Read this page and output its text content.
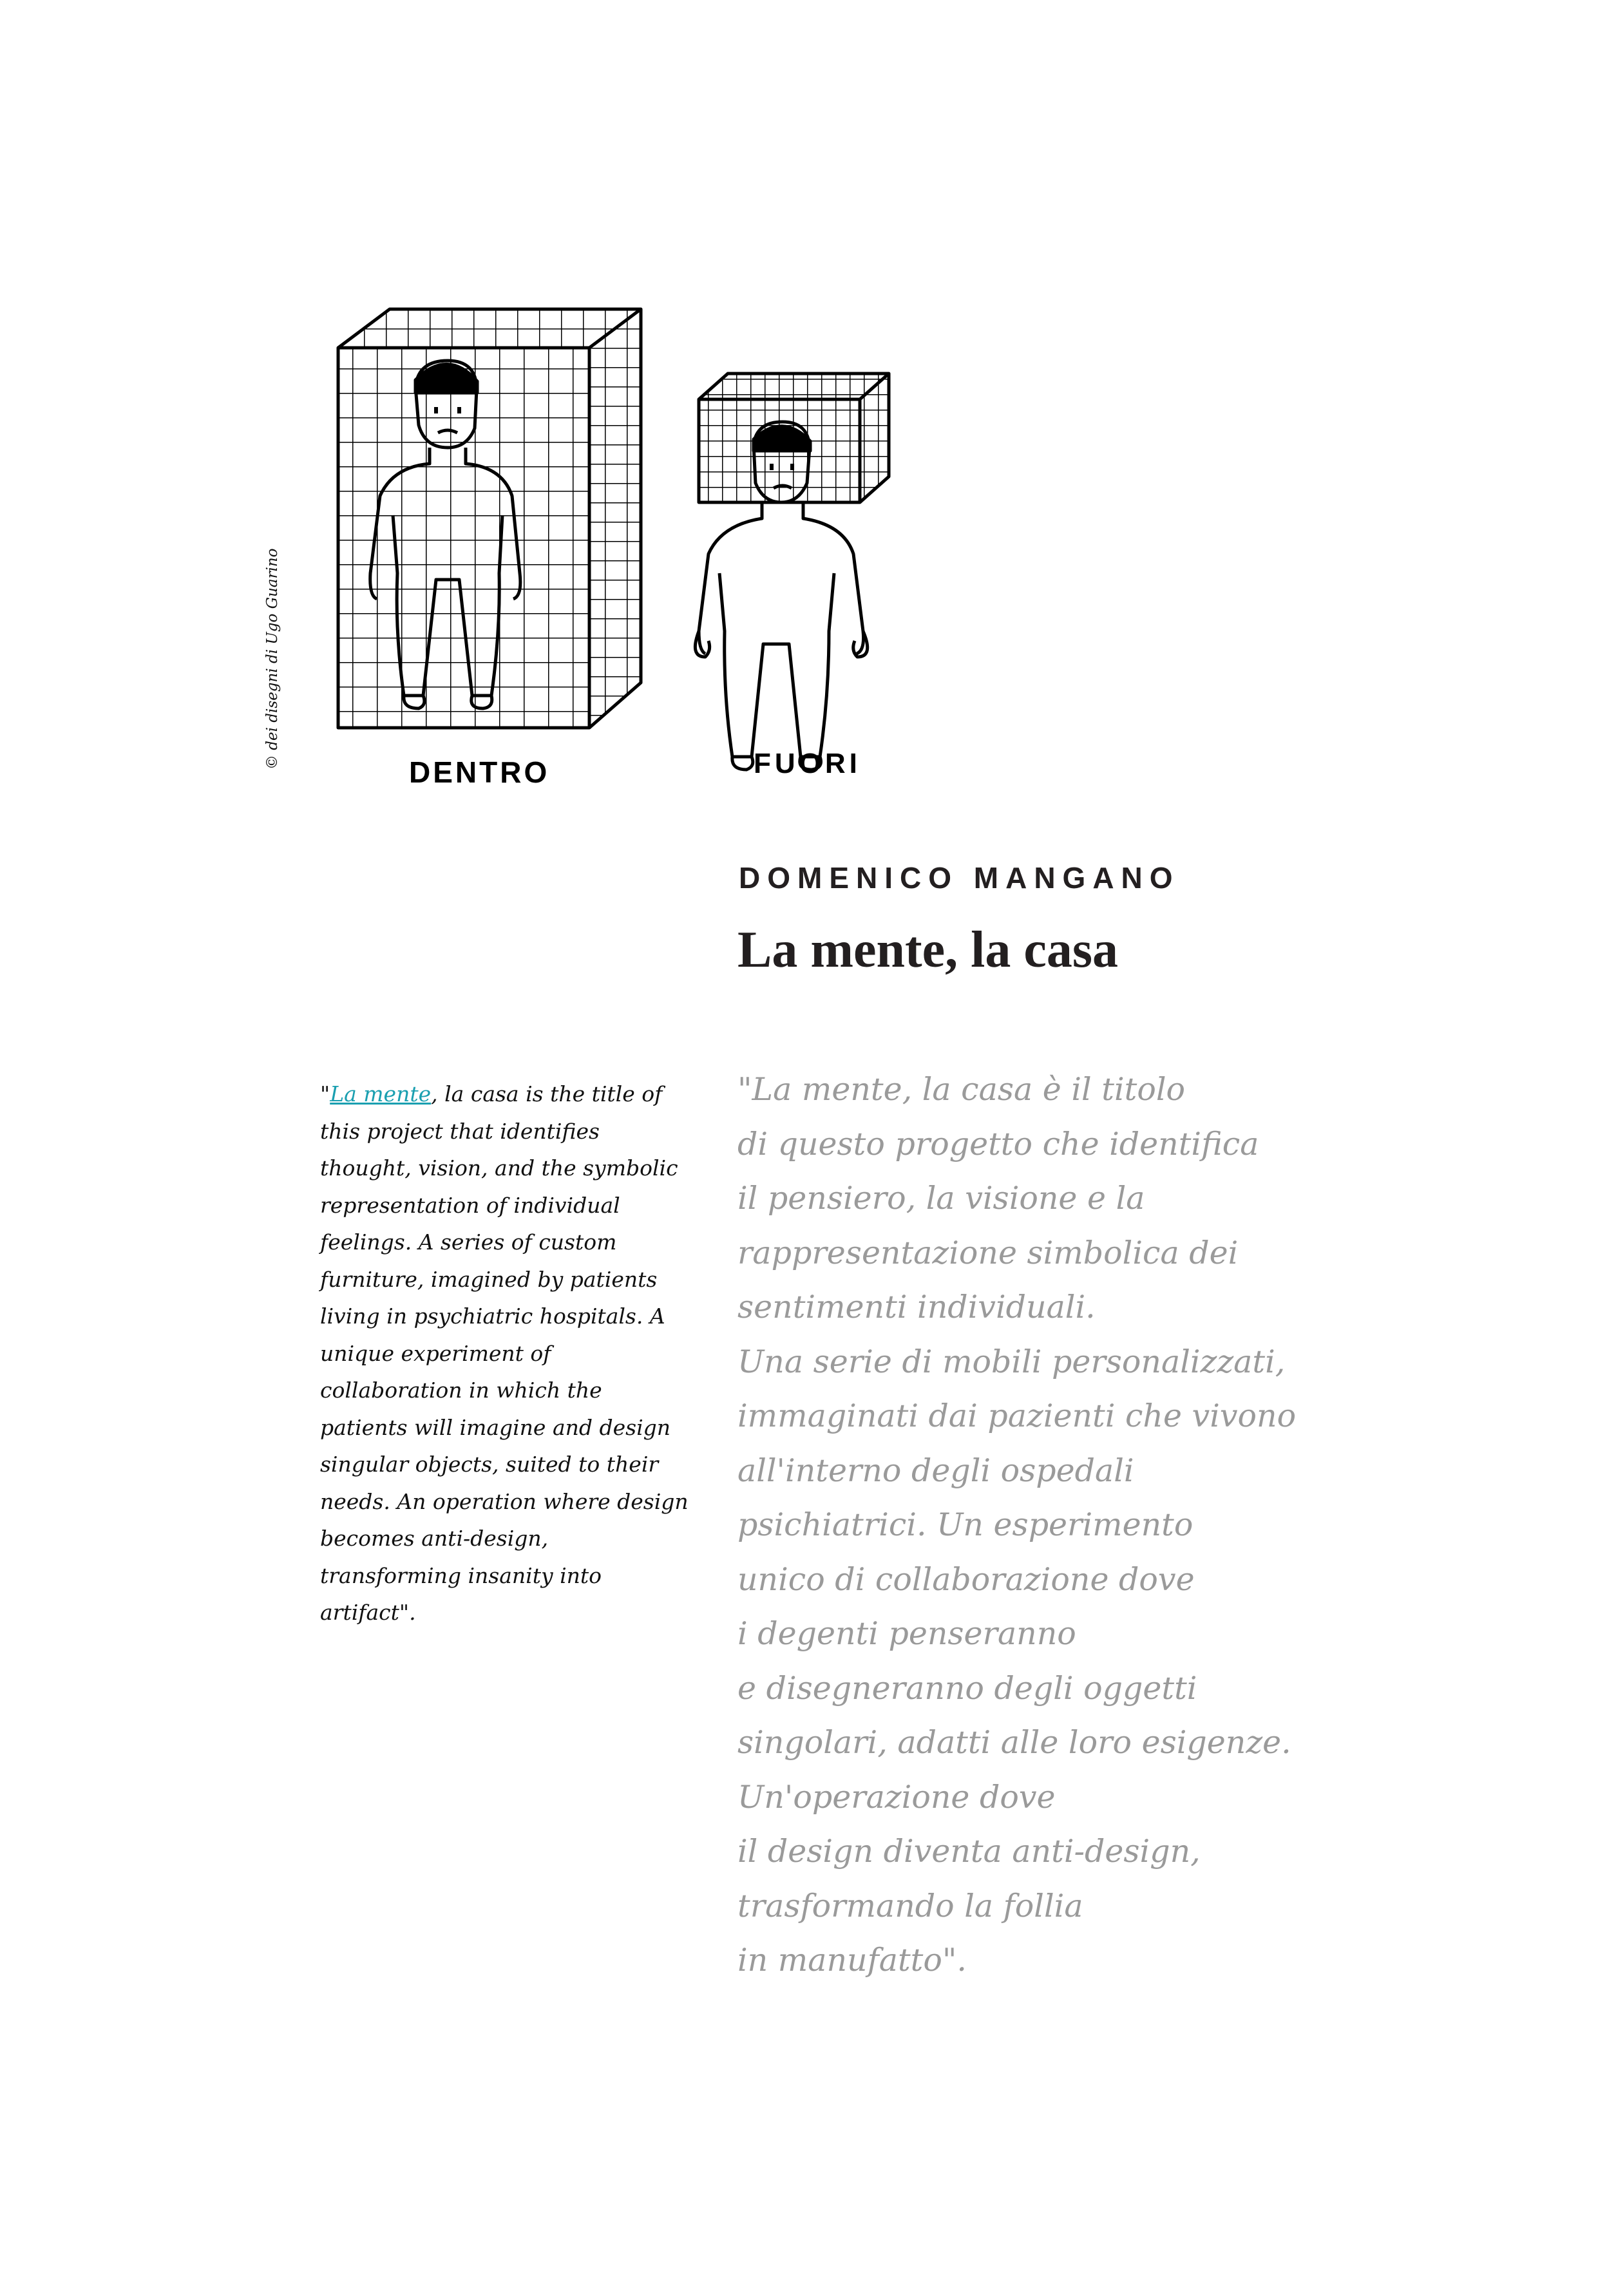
DENTRO	FUORI
© dei disegni di Ugo Guarino
DOMENICO MANGANO
La mente, la casa
"La mente, la casa is the title of
this project that identifies
thought, vision, and the symbolic
representation of individual
feelings. A series of custom
furniture, imagined by patients
living in psychiatric hospitals. A
unique experiment of
collaboration in which the
patients will imagine and design
singular objects, suited to their
needs. An operation where design
becomes anti-design,
transforming insanity into
artifact".
"La mente, la casa è il titolo
di questo progetto che identifica
il pensiero, la visione e la
rappresentazione simbolica dei
sentimenti individuali.
Una serie di mobili personalizzati,
immaginati dai pazienti che vivono
all'interno degli ospedali
psichiatrici. Un esperimento
unico di collaborazione dove
i degenti penseranno
e disegneranno degli oggetti
singolari, adatti alle loro esigenze.
Un'operazione dove
il design diventa anti-design,
trasformando la follia
in manufatto".
